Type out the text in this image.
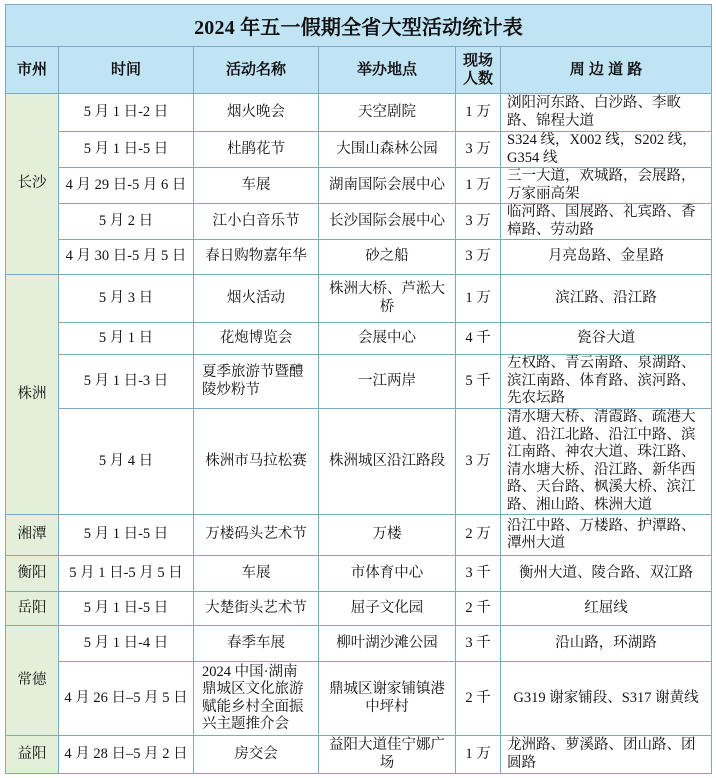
2024 年五一假期全省大型活动统计表					
市州	时间	活动名称	举办地点	现场人数	周 边 道 路
长沙	5 月 1 日-2 日	烟火晚会	天空剧院	1 万	浏阳河东路、白沙路、李畋路、锦程大道
	5 月 1 日-5 日	杜鹃花节	大围山森林公园	3 万	S324 线，X002 线，S202 线，G354 线
	4 月 29 日-5 月 6 日	车展	湖南国际会展中心	1 万	三一大道，欢城路，会展路，万家丽高架
	5 月 2 日	江小白音乐节	长沙国际会展中心	3 万	临河路、国展路、礼宾路、香樟路、劳动路
	4 月 30 日-5 月 5 日	春日购物嘉年华	砂之船	3 万	月亮岛路、金星路
株洲	5 月 3 日	烟火活动	株洲大桥、芦淞大桥	1 万	滨江路、沿江路
	5 月 1 日	花炮博览会	会展中心	4 千	瓷谷大道
	5 月 1 日-3 日	夏季旅游节暨醴陵炒粉节	一江两岸	5 千	左权路、青云南路、泉湖路、滨江南路、体育路、滨河路、先农坛路
	5 月 4 日	株洲市马拉松赛	株洲城区沿江路段	3 万	清水塘大桥、清霞路、疏港大道、沿江北路、沿江中路、滨江南路、神农大道、珠江路、清水塘大桥、沿江路、新华西路、天台路、枫溪大桥、滨江路、湘山路、株洲大道
湘潭	5 月 1 日-5 日	万楼码头艺术节	万楼	2 万	沿江中路、万楼路、护潭路、潭州大道
衡阳	5 月 1 日-5 月 5 日	车展	市体育中心	3 千	衡州大道、陵合路、双江路
岳阳	5 月 1 日-5 日	大楚街头艺术节	屈子文化园	2 千	红屈线
常德	5 月 1 日-4 日	春季车展	柳叶湖沙滩公园	3 千	沿山路，环湖路
	4 月 26 日–5 月 5 日	2024 中国·湖南鼎城区文化旅游赋能乡村全面振兴主题推介会	鼎城区谢家铺镇港中坪村	2 千	G319 谢家铺段、S317 谢黄线
益阳	4 月 28 日–5 月 2 日	房交会	益阳大道佳宁娜广场	1 万	龙洲路、萝溪路、团山路、团圆路
